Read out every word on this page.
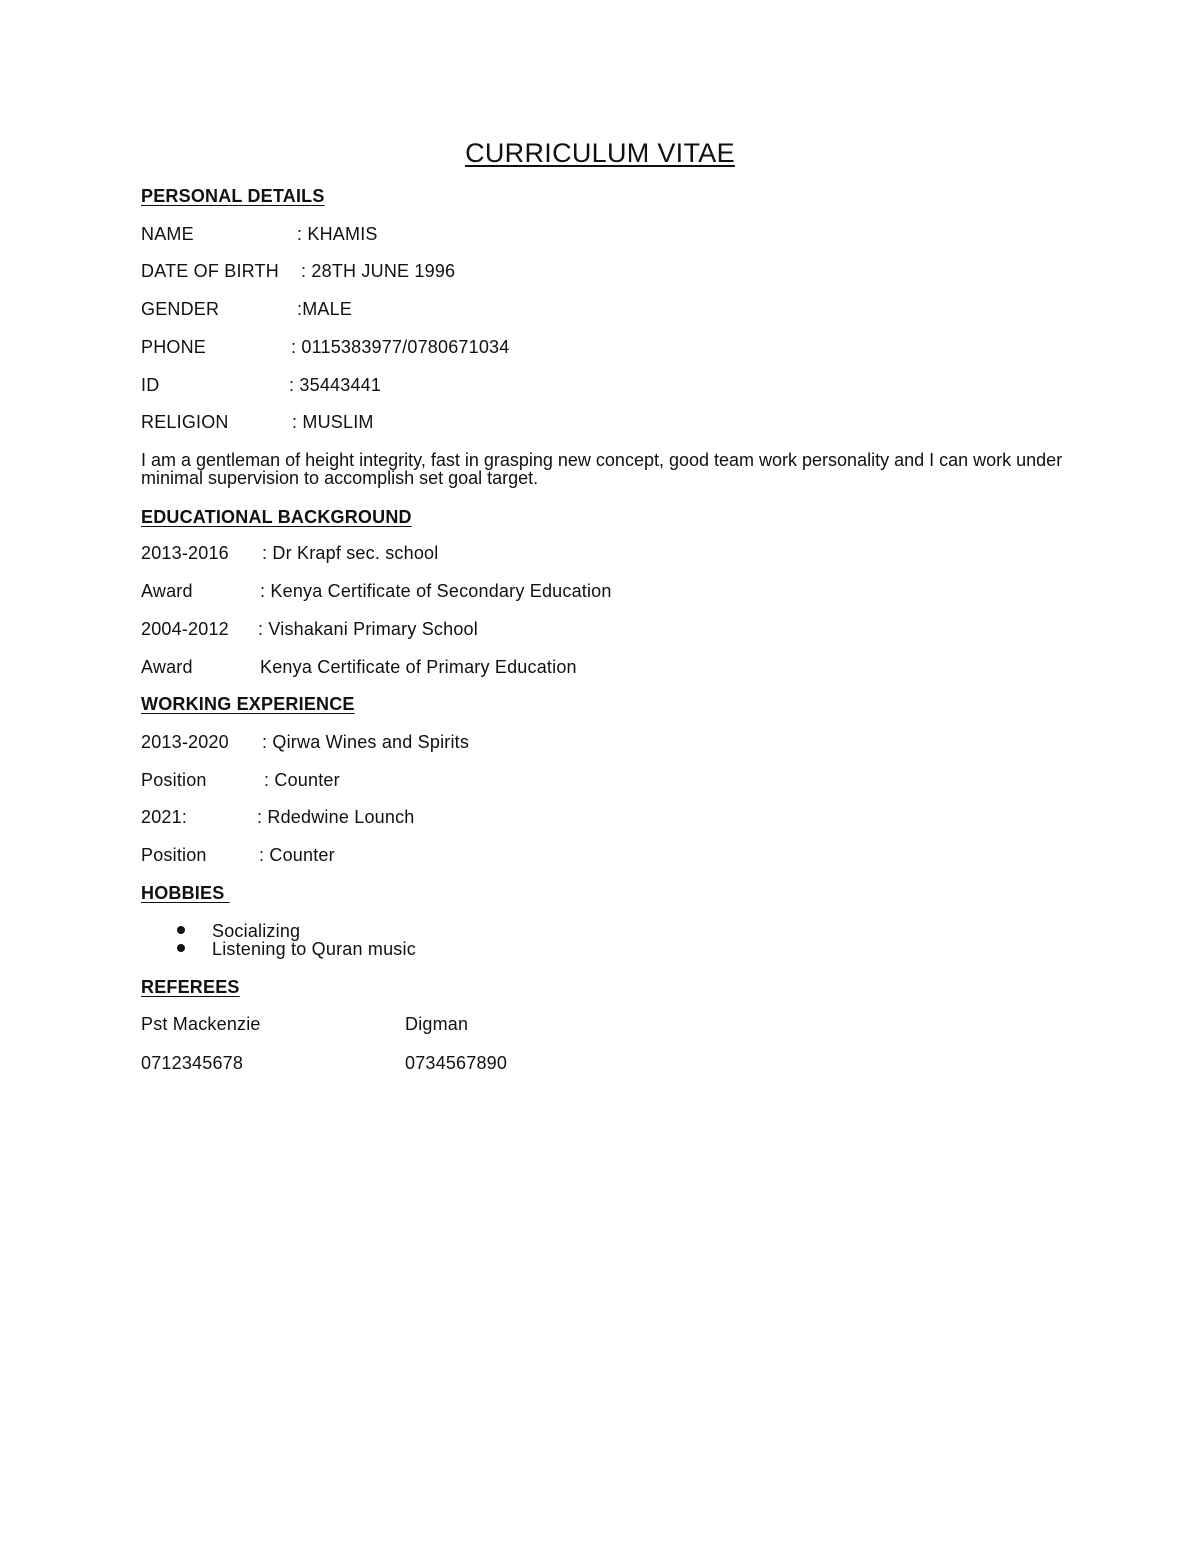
CURRICULUM VITAE
PERSONAL DETAILS
NAME	: KHAMIS
DATE OF BIRTH : 28TH JUNE 1996
GENDER	:MALE
PHONE	: 0115383977/0780671034
ID	: 35443441
RELIGION	: MUSLIM
I am a gentleman of height integrity, fast in grasping new concept, good team work personality and I can work under minimal supervision to accomplish set goal target.
EDUCATIONAL BACKGROUND
2013-2016 : Dr Krapf sec. school
Award	: Kenya Certificate of Secondary Education
2004-2012 : Vishakani Primary School
Award	Kenya Certificate of Primary Education
WORKING EXPERIENCE
2013-2020 : Qirwa Wines and Spirits
Position	: Counter
2021:	: Rdedwine Lounch
Position	: Counter
HOBBIES
Socializing
Listening to Quran music
REFEREES
Pst Mackenzie	Digman
0712345678	0734567890
